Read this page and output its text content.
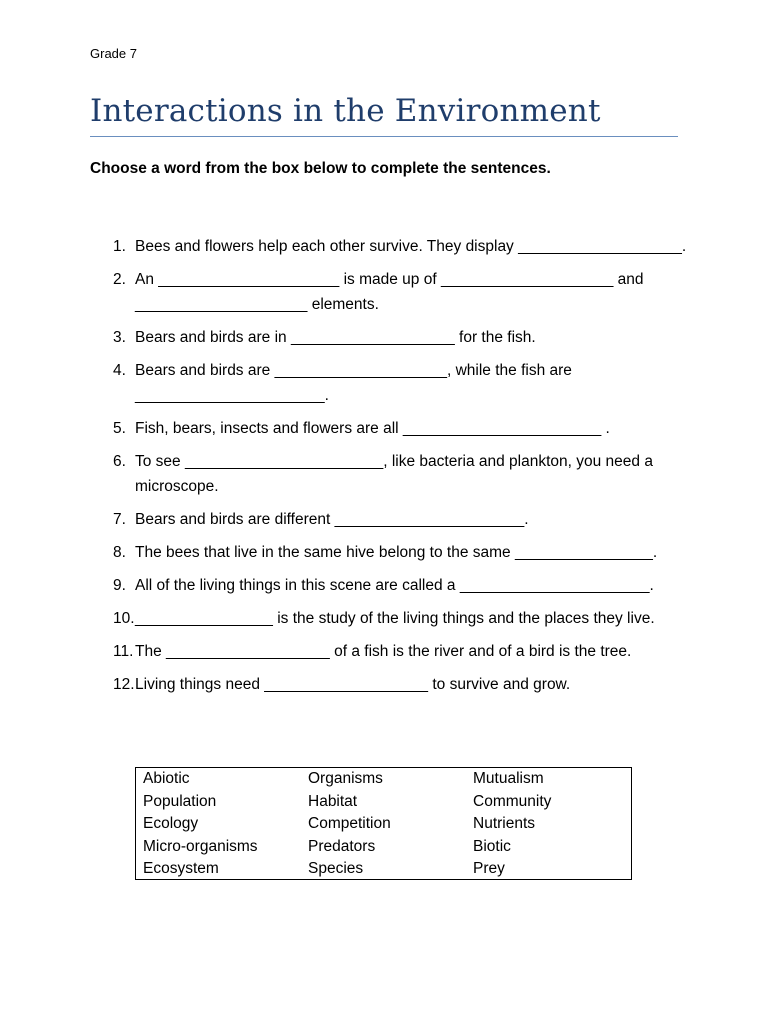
Grade 7
Interactions in the Environment
Choose a word from the box below to complete the sentences.
1. Bees and flowers help each other survive. They display ___________________.
2. An _____________________ is made up of ____________________ and ____________________ elements.
3. Bears and birds are in ___________________ for the fish.
4. Bears and birds are ____________________, while the fish are ______________________.
5. Fish, bears, insects and flowers are all _______________________ .
6. To see _______________________, like bacteria and plankton, you need a microscope.
7. Bears and birds are different ______________________.
8. The bees that live in the same hive belong to the same ________________.
9. All of the living things in this scene are called a ______________________.
10. ________________ is the study of the living things and the places they live.
11. The ___________________ of a fish is the river and of a bird is the tree.
12. Living things need ___________________ to survive and grow.
Abiotic	Organisms	Mutualism
Population	Habitat	Community
Ecology	Competition	Nutrients
Micro-organisms	Predators	Biotic
Ecosystem	Species	Prey
